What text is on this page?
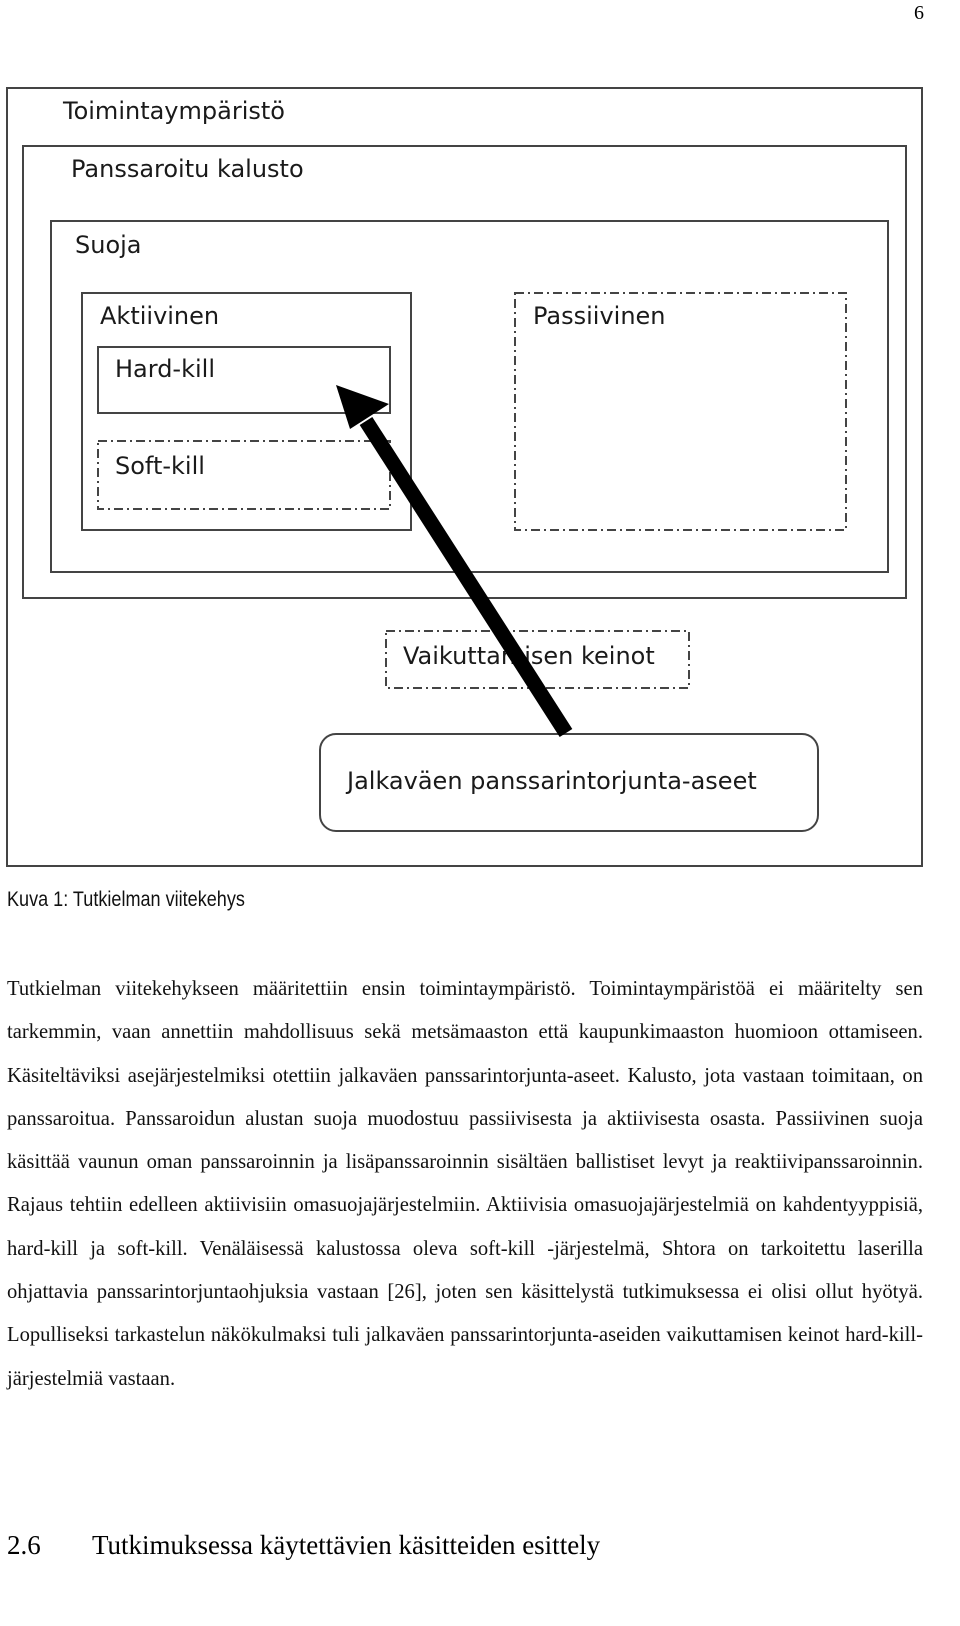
6
Toimintaympäristö
Panssaroitu kalusto
Suoja
Aktiivinen
Hard-kill
Soft-kill
Passiivinen
Vaikuttamisen keinot
Jalkaväen panssarintorjunta-aseet
Kuva 1: Tutkielman viitekehys

Tutkielman viitekehykseen määritettiin ensin toimintaympäristö. Toimintaympäristöä ei määritelty sen tarkemmin, vaan annettiin mahdollisuus sekä metsämaaston että kaupunkimaaston huomioon ottamiseen. Käsiteltäviksi asejärjestelmiksi otettiin jalkaväen panssarintorjunta-aseet. Kalusto, jota vastaan toimitaan, on panssaroitua. Panssaroidun alustan suoja muodostuu passiivisesta ja aktiivisesta osasta. Passiivinen suoja käsittää vaunun oman panssaroinnin ja lisäpanssaroinnin sisältäen ballistiset levyt ja reaktiivipanssaroinnin. Rajaus tehtiin edelleen aktiivisiin omasuojajärjestelmiin. Aktiivisia omasuojajärjestelmiä on kahdentyyppisiä, hard-kill ja soft-kill. Venäläisessä kalustossa oleva soft-kill -järjestelmä, Shtora on tarkoitettu laserilla ohjattavia panssarintorjuntaohjuksia vastaan [26], joten sen käsittelystä tutkimuksessa ei olisi ollut hyötyä. Lopulliseksi tarkastelun näkökulmaksi tuli jalkaväen panssarintorjunta-aseiden vaikuttamisen keinot hard-kill-järjestelmiä vastaan.

2.6 Tutkimuksessa käytettävien käsitteiden esittely
